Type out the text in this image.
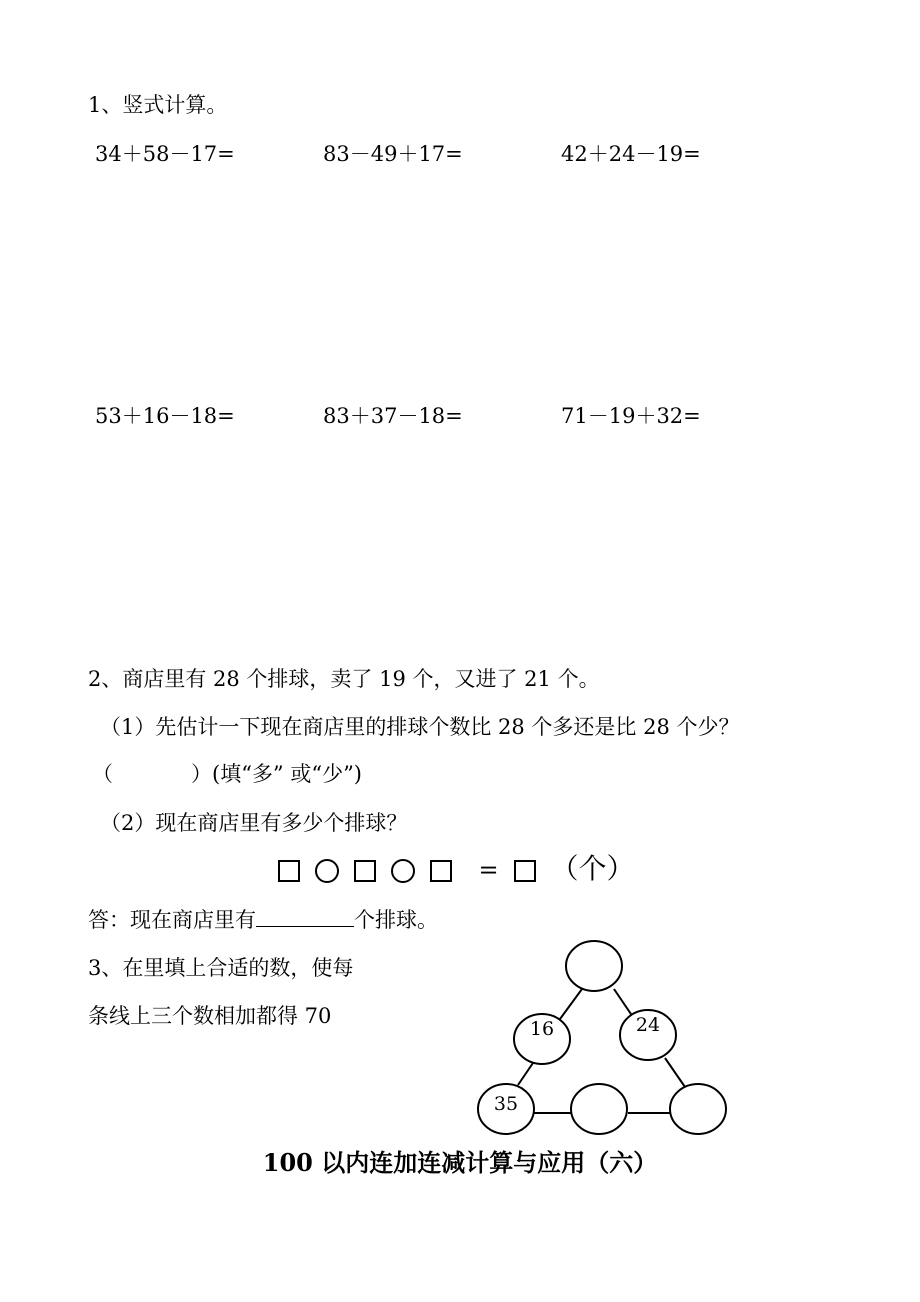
1、竖式计算。
34＋58－17=	83－49＋17=	42＋24－19=
53＋16－18=	83＋37－18=	71－19＋32=
2、商店里有 28 个排球，卖了 19 个，又进了 21 个。
（1）先估计一下现在商店里的排球个数比 28 个多还是比 28 个少？
（	）(填“多” 或“少”)
（2）现在商店里有多少个排球？
= （个）
答：现在商店里有	个排球。
3、在里填上合适的数，使每
条线上三个数相加都得 70
16	24
35
100 以内连加连减计算与应用（六）
